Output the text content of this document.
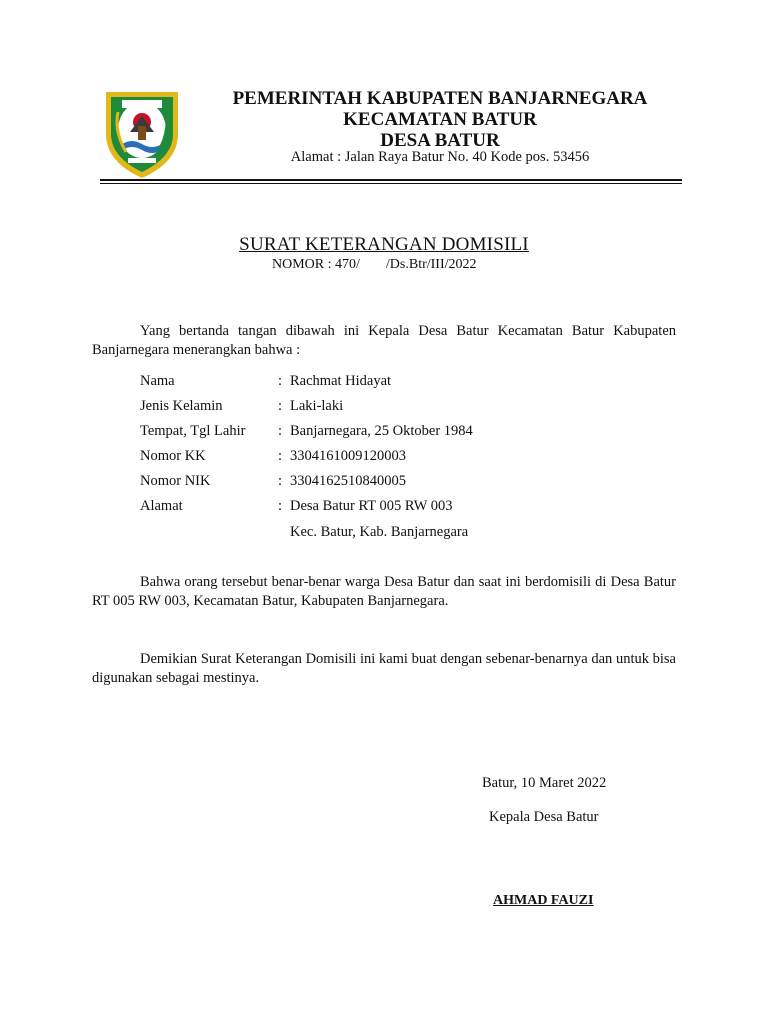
PEMERINTAH KABUPATEN BANJARNEGARA
KECAMATAN BATUR
DESA BATUR
Alamat : Jalan Raya Batur No. 40 Kode pos. 53456
SURAT KETERANGAN DOMISILI
NOMOR : 470/ /Ds.Btr/III/2022
Yang bertanda tangan dibawah ini Kepala Desa Batur Kecamatan Batur Kabupaten Banjarnegara menerangkan bahwa :
Nama	: Rachmat Hidayat
Jenis Kelamin	: Laki-laki
Tempat, Tgl Lahir : Banjarnegara, 25 Oktober 1984
Nomor KK	: 3304161009120003
Nomor NIK	: 3304162510840005
Alamat	: Desa Batur RT 005 RW 003
Kec. Batur, Kab. Banjarnegara
Bahwa orang tersebut benar-benar warga Desa Batur dan saat ini berdomisili di Desa Batur RT 005 RW 003, Kecamatan Batur, Kabupaten Banjarnegara.
Demikian Surat Keterangan Domisili ini kami buat dengan sebenar-benarnya dan untuk bisa digunakan sebagai mestinya.
Batur, 10 Maret 2022
Kepala Desa Batur
AHMAD FAUZI
